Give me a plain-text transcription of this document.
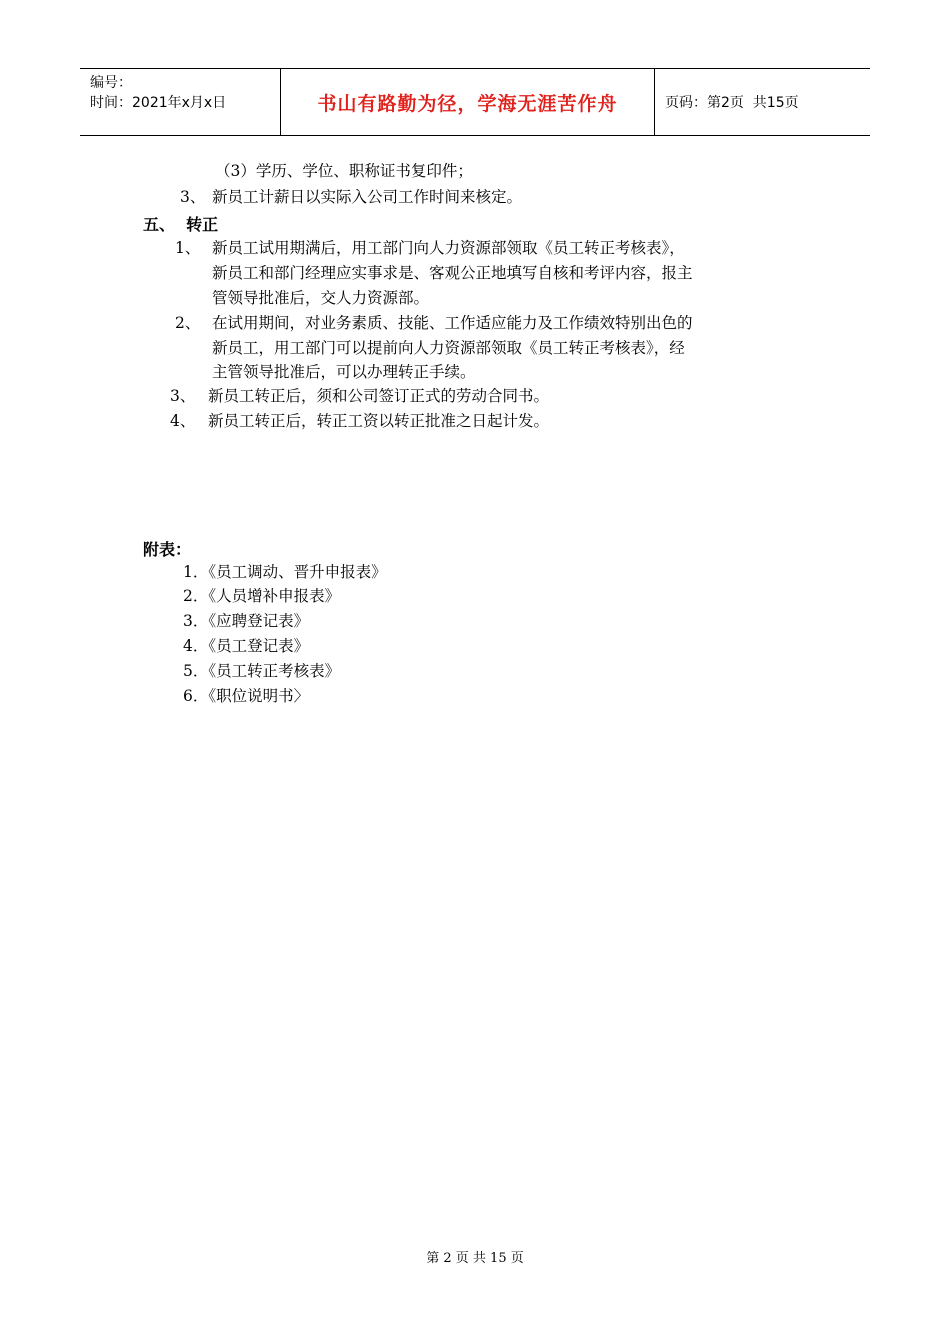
编号：
时间：2021年x月x日	书山有路勤为径，学海无涯苦作舟	页码：第2页  共15页
（3）学历、学位、职称证书复印件；
3、 新员工计薪日以实际入公司工作时间来核定。
五、  转正
1、 新员工试用期满后，用工部门向人力资源部领取《员工转正考核表》，
新员工和部门经理应实事求是、客观公正地填写自核和考评内容，报主
管领导批准后，交人力资源部。
2、 在试用期间，对业务素质、技能、工作适应能力及工作绩效特别出色的
新员工，用工部门可以提前向人力资源部领取《员工转正考核表》，经
主管领导批准后，可以办理转正手续。
3、 新员工转正后，须和公司签订正式的劳动合同书。
4、 新员工转正后，转正工资以转正批准之日起计发。
附表：
1．《员工调动、晋升申报表》
2．《人员增补申报表》
3．《应聘登记表》
4．《员工登记表》
5．《员工转正考核表》
6．《职位说明书〉
第 2 页 共 15 页
